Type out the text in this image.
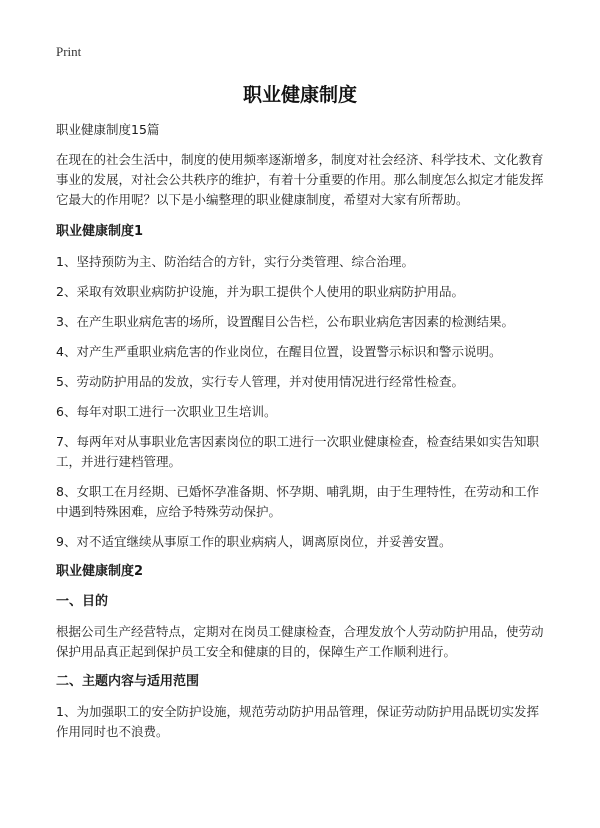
Print
职业健康制度

职业健康制度15篇

在现在的社会生活中，制度的使用频率逐渐增多，制度对社会经济、科学技术、文化教育事业的发展，对社会公共秩序的维护，有着十分重要的作用。那么制度怎么拟定才能发挥它最大的作用呢？以下是小编整理的职业健康制度，希望对大家有所帮助。

职业健康制度1

1、坚持预防为主、防治结合的方针，实行分类管理、综合治理。

2、采取有效职业病防护设施，并为职工提供个人使用的职业病防护用品。

3、在产生职业病危害的场所，设置醒目公告栏，公布职业病危害因素的检测结果。

4、对产生严重职业病危害的作业岗位，在醒目位置，设置警示标识和警示说明。

5、劳动防护用品的发放，实行专人管理，并对使用情况进行经常性检查。

6、每年对职工进行一次职业卫生培训。

7、每两年对从事职业危害因素岗位的职工进行一次职业健康检查，检查结果如实告知职工，并进行建档管理。

8、女职工在月经期、已婚怀孕准备期、怀孕期、哺乳期，由于生理特性，在劳动和工作中遇到特殊困难，应给予特殊劳动保护。

9、对不适宜继续从事原工作的职业病病人，调离原岗位，并妥善安置。

职业健康制度2

一、目的

根据公司生产经营特点，定期对在岗员工健康检查，合理发放个人劳动防护用品，使劳动保护用品真正起到保护员工安全和健康的目的，保障生产工作顺利进行。

二、主题内容与适用范围

1、为加强职工的安全防护设施，规范劳动防护用品管理，保证劳动防护用品既切实发挥作用同时也不浪费。
